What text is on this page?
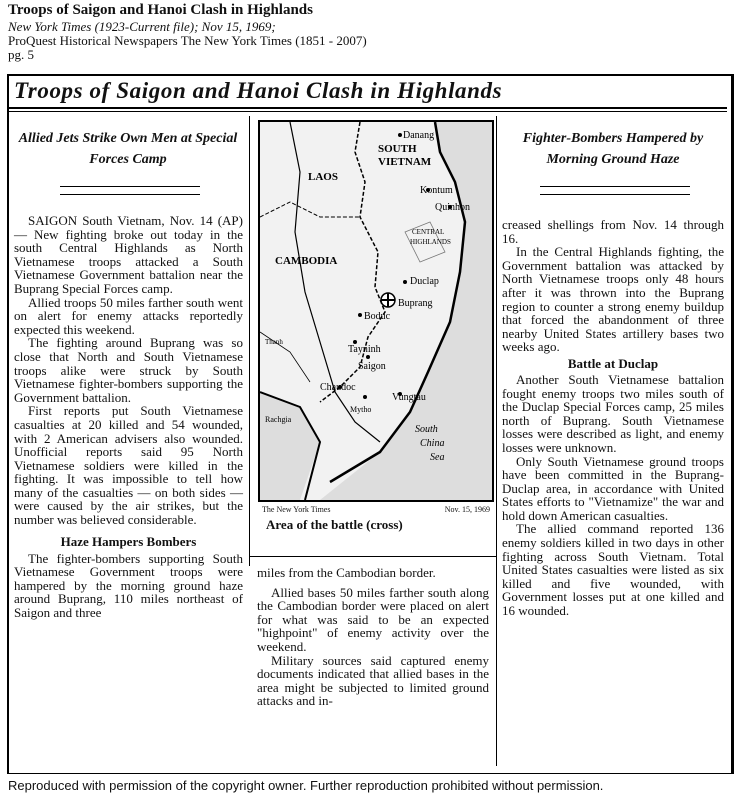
Troops of Saigon and Hanoi Clash in Highlands
New York Times (1923-Current file); Nov 15, 1969;
ProQuest Historical Newspapers The New York Times (1851 - 2007)
pg. 5
Troops of Saigon and Hanoi Clash in Highlands
Allied Jets Strike Own Men at Special Forces Camp
Fighter-Bombers Hampered by Morning Ground Haze

SAIGON South Vietnam, Nov. 14 (AP) — New fighting broke out today in the south Central Highlands as North Vietnamese troops attacked a South Vietnamese Government battalion near the Buprang Special Forces camp.

Allied troops 50 miles farther south went on alert for enemy attacks reportedly expected this weekend.

The fighting around Buprang was so close that North and South Vietnamese troops alike were struck by South Vietnamese fighter-bombers supporting the Government battalion.

First reports put South Vietnamese casualties at 20 killed and 54 wounded, with 2 American advisers also wounded. Unofficial reports said 95 North Vietnamese soldiers were killed in the fighting. It was impossible to tell how many of the casualties — on both sides — were caused by the air strikes, but the number was believed considerable.

Haze Hampers Bombers

The fighter-bombers supporting South Vietnamese Government troops were hampered by the morning ground haze around Buprang, 110 miles northeast of Saigon and three

Danang
SOUTH
VIETNAM
LAOS
Kontum
Quinhon
CENTRAL
HIGHLANDS
CAMBODIA
Duclap
Buprang
Boduc
Thanh
Tayninh
Saigon
Chaudoc
Vungtau
Mytho
Rachgia
South
China
Sea
The New York Times	Nov. 15, 1969
Area of the battle (cross)

miles from the Cambodian border.

Allied bases 50 miles farther south along the Cambodian border were placed on alert for what was said to be an expected "highpoint" of enemy activity over the weekend.

Military sources said captured enemy documents indicated that allied bases in the area might be subjected to limited ground attacks and in-

creased shellings from Nov. 14 through 16.

In the Central Highlands fighting, the Government battalion was attacked by North Vietnamese troops only 48 hours after it was thrown into the Buprang region to counter a strong enemy buildup that forced the abandonment of three nearby United States artillery bases two weeks ago.

Battle at Duclap

Another South Vietnamese battalion fought enemy troops two miles south of the Duclap Special Forces camp, 25 miles north of Buprang. South Vietnamese losses were described as light, and enemy losses were unknown.

Only South Vietnamese ground troops have been committed in the Buprang-Duclap area, in accordance with United States efforts to "Vietnamize" the war and hold down American casualties.

The allied command reported 136 enemy soldiers killed in two days in other fighting across South Vietnam. Total United States casualties were listed as six killed and five wounded, with Government losses put at one killed and 16 wounded.

Reproduced with permission of the copyright owner. Further reproduction prohibited without permission.
